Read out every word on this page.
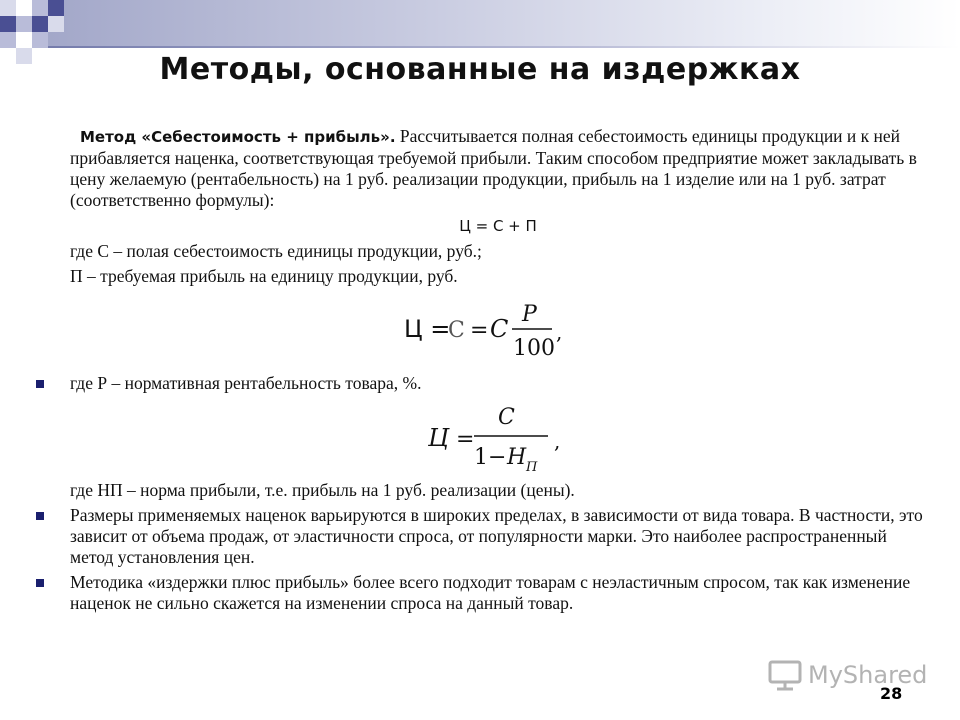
Методы, основанные на издержках

Метод «Себестоимость + прибыль». Рассчитывается полная себестоимость единицы продукции и к ней прибавляется наценка, соответствующая требуемой прибыли. Таким способом предприятие может закладывать в цену желаемую (рентабельность) на 1 руб. реализации продукции, прибыль на 1 изделие или на 1 руб. затрат (соответственно формулы):

Ц = С + П

где С – полая себестоимость единицы продукции, руб.;

П – требуемая прибыль на единицу продукции, руб.

Ц =
С = С
P
100
,

где Р – нормативная рентабельность товара, %.

Ц =
C
1− Н П
,

где НП – норма прибыли, т.е. прибыль на 1 руб. реализации (цены).

Размеры применяемых наценок варьируются в широких пределах, в зависимости от вида товара. В частности, это зависит от объема продаж, от эластичности спроса, от популярности марки. Это наиболее распространенный метод установления цен.

Методика «издержки плюс прибыль» более всего подходит товарам с неэластичным спросом, так как изменение наценок не сильно скажется на изменении спроса на данный товар.

MyShared
28
